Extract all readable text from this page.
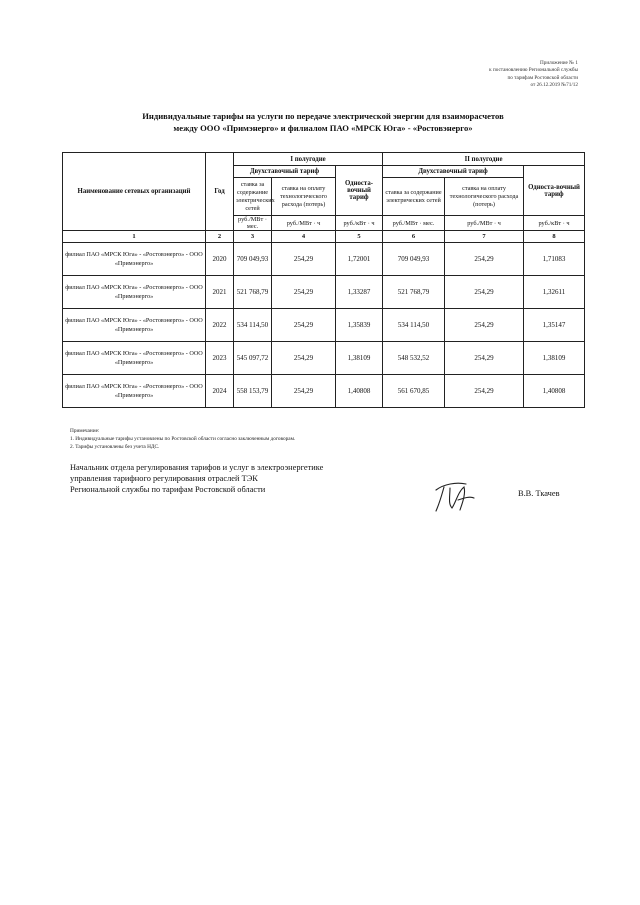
Приложение № 1
к постановлению Региональной службы
по тарифам Ростовской области
от 26.12.2019 №71/12
Индивидуальные тарифы на услуги по передаче электрической энергии для взаиморасчетов
между ООО «Примэнерго» и филиалом ПАО «МРСК Юга» - «Ростовэнерго»
Наименование сетевых организаций	Год	I полугодие			II полугодие		
		Двухставочный тариф		Односта-вочный тариф	Двухставочный тариф		Односта-вочный тариф
		ставка за содержание электрических сетей	ставка на оплату технологического расхода (потерь)		ставка за содержание электрических сетей	ставка на оплату технологического расхода (потерь)	
		руб./МВт · мес.	руб./МВт · ч	руб./кВт · ч	руб./МВт · мес.	руб./МВт · ч	руб./кВт · ч
1	2	3	4	5	6	7	8
филиал ПАО «МРСК Юга» - «Ростовэнерго» - ООО «Примэнерго»	2020	709 049,93	254,29	1,72001	709 049,93	254,29	1,71083
филиал ПАО «МРСК Юга» - «Ростовэнерго» - ООО «Примэнерго»	2021	521 768,79	254,29	1,33287	521 768,79	254,29	1,32611
филиал ПАО «МРСК Юга» - «Ростовэнерго» - ООО «Примэнерго»	2022	534 114,50	254,29	1,35839	534 114,50	254,29	1,35147
филиал ПАО «МРСК Юга» - «Ростовэнерго» - ООО «Примэнерго»	2023	545 097,72	254,29	1,38109	548 532,52	254,29	1,38109
филиал ПАО «МРСК Юга» - «Ростовэнерго» - ООО «Примэнерго»	2024	558 153,79	254,29	1,40808	561 670,85	254,29	1,40808
Примечание:
1. Индивидуальные тарифы установлены по Ростовской области согласно заключенным договорам.
2. Тарифы установлены без учета НДС.
Начальник отдела регулирования тарифов и услуг в электроэнергетике
управления тарифного регулирования отраслей ТЭК
Региональной службы по тарифам Ростовской области	В.В. Ткачев
